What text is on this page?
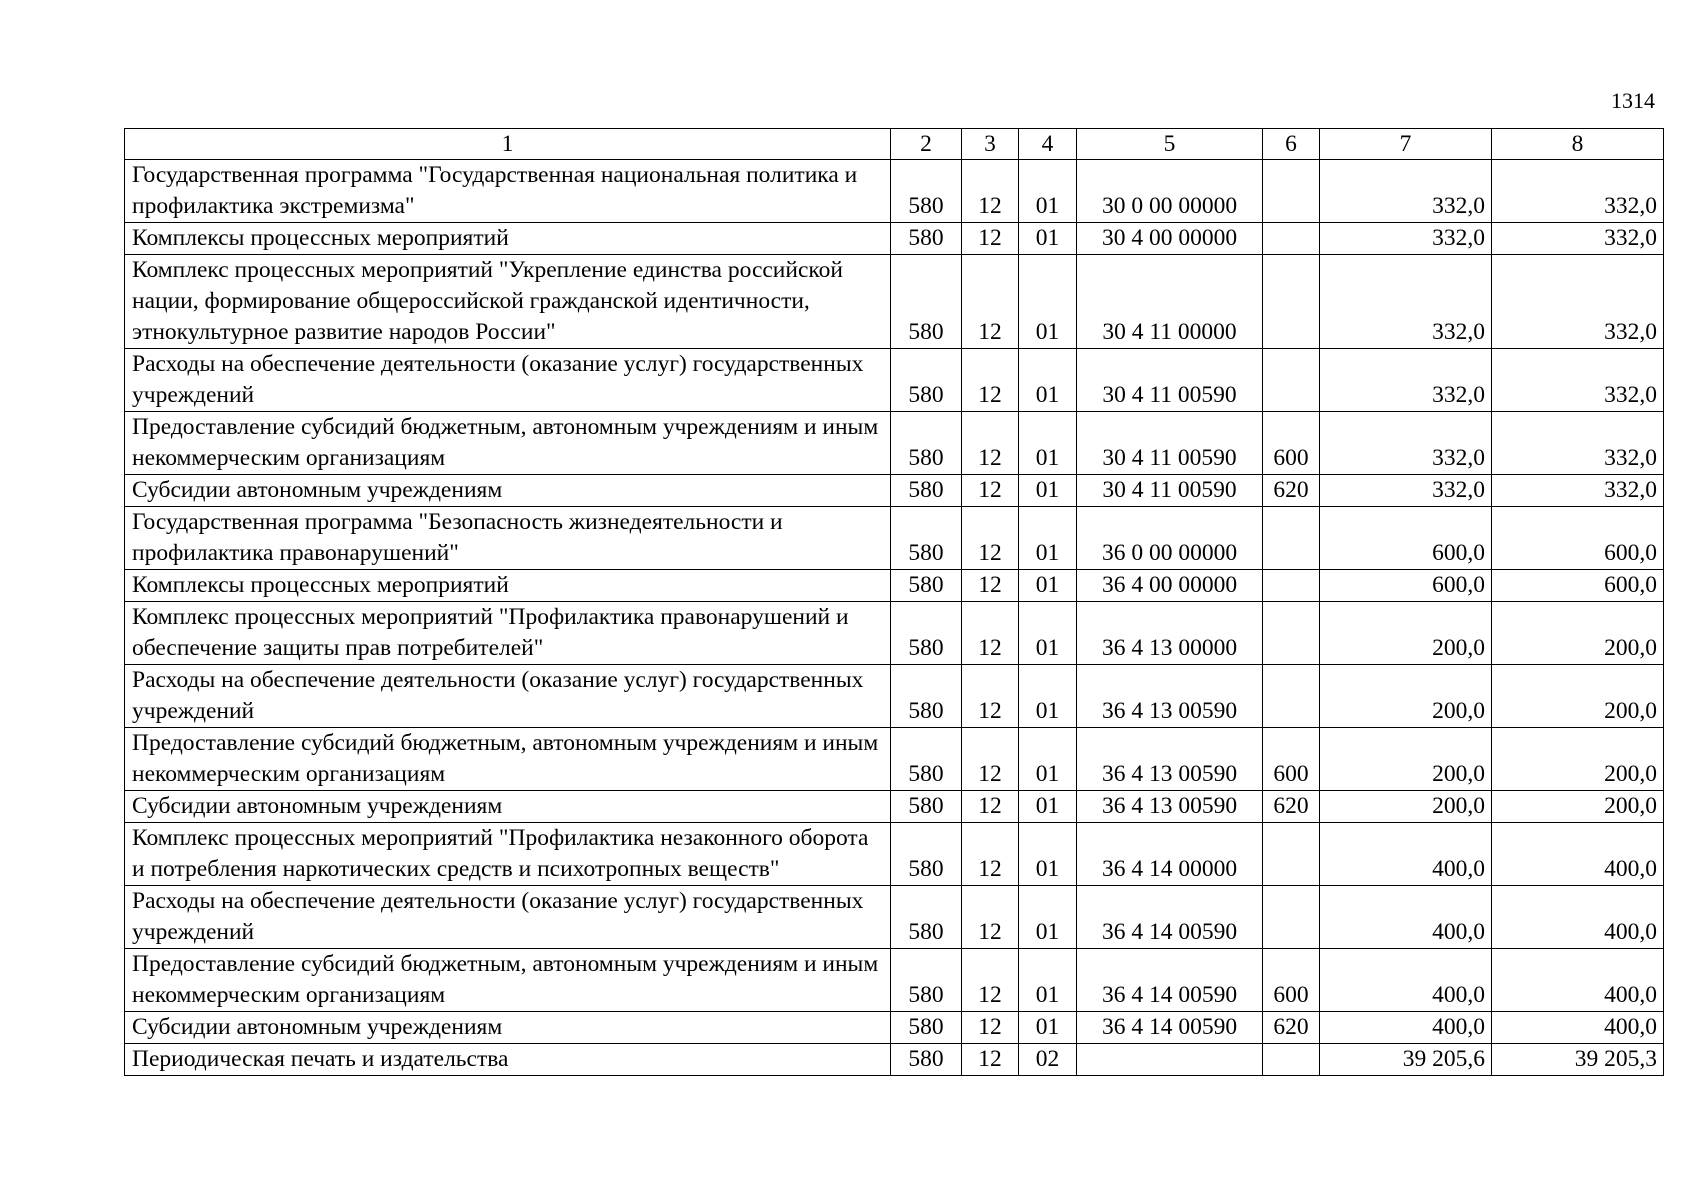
1314
1	2	3	4	5	6	7	8
Государственная программа "Государственная национальная политика и профилактика экстремизма"	580	12	01	30 0 00 00000		332,0	332,0
Комплексы процессных мероприятий	580	12	01	30 4 00 00000		332,0	332,0
Комплекс процессных мероприятий "Укрепление единства российской нации, формирование общероссийской гражданской идентичности, этнокультурное развитие народов России"	580	12	01	30 4 11 00000		332,0	332,0
Расходы на обеспечение деятельности (оказание услуг) государственных учреждений	580	12	01	30 4 11 00590		332,0	332,0
Предоставление субсидий бюджетным, автономным учреждениям и иным некоммерческим организациям	580	12	01	30 4 11 00590	600	332,0	332,0
Субсидии автономным учреждениям	580	12	01	30 4 11 00590	620	332,0	332,0
Государственная программа "Безопасность жизнедеятельности и профилактика правонарушений"	580	12	01	36 0 00 00000		600,0	600,0
Комплексы процессных мероприятий	580	12	01	36 4 00 00000		600,0	600,0
Комплекс процессных мероприятий "Профилактика правонарушений и обеспечение защиты прав потребителей"	580	12	01	36 4 13 00000		200,0	200,0
Расходы на обеспечение деятельности (оказание услуг) государственных учреждений	580	12	01	36 4 13 00590		200,0	200,0
Предоставление субсидий бюджетным, автономным учреждениям и иным некоммерческим организациям	580	12	01	36 4 13 00590	600	200,0	200,0
Субсидии автономным учреждениям	580	12	01	36 4 13 00590	620	200,0	200,0
Комплекс процессных мероприятий "Профилактика незаконного оборота и потребления наркотических средств и психотропных веществ"	580	12	01	36 4 14 00000		400,0	400,0
Расходы на обеспечение деятельности (оказание услуг) государственных учреждений	580	12	01	36 4 14 00590		400,0	400,0
Предоставление субсидий бюджетным, автономным учреждениям и иным некоммерческим организациям	580	12	01	36 4 14 00590	600	400,0	400,0
Субсидии автономным учреждениям	580	12	01	36 4 14 00590	620	400,0	400,0
Периодическая печать и издательства	580	12	02			39 205,6	39 205,3
